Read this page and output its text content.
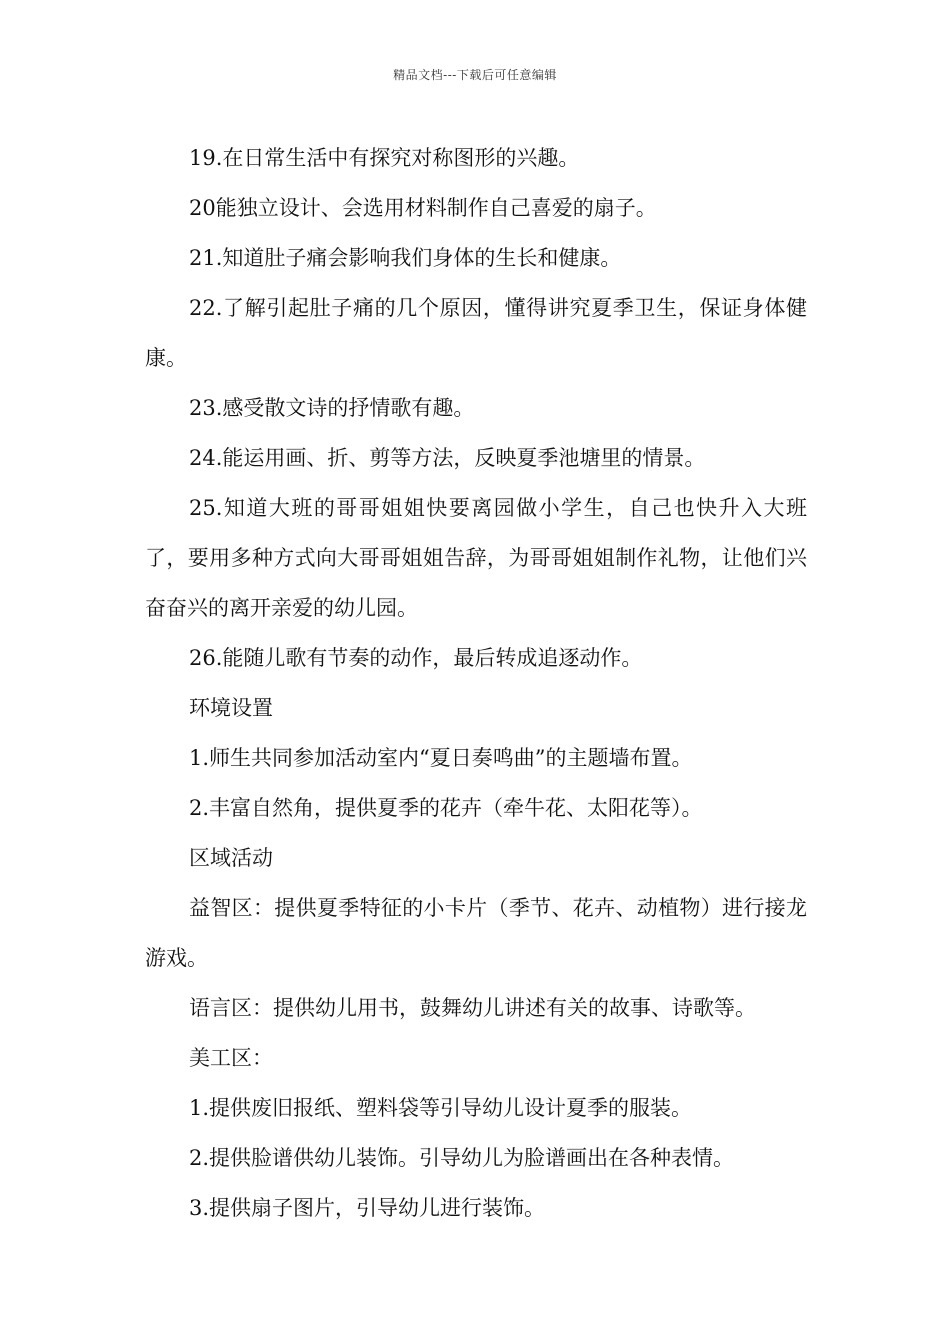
精品文档---下载后可任意编辑

19.在日常生活中有探究对称图形的兴趣。

20能独立设计、会选用材料制作自己喜爱的扇子。

21.知道肚子痛会影响我们身体的生长和健康。

22.了解引起肚子痛的几个原因，懂得讲究夏季卫生，保证身体健康。

23.感受散文诗的抒情歌有趣。

24.能运用画、折、剪等方法，反映夏季池塘里的情景。

25.知道大班的哥哥姐姐快要离园做小学生，自己也快升入大班了，要用多种方式向大哥哥姐姐告辞，为哥哥姐姐制作礼物，让他们兴奋奋兴的离开亲爱的幼儿园。

26.能随儿歌有节奏的动作，最后转成追逐动作。

环境设置

1.师生共同参加活动室内“夏日奏鸣曲”的主题墙布置。

2.丰富自然角，提供夏季的花卉（牵牛花、太阳花等）。

区域活动

益智区：提供夏季特征的小卡片（季节、花卉、动植物）进行接龙游戏。

语言区：提供幼儿用书，鼓舞幼儿讲述有关的故事、诗歌等。

美工区：

1.提供废旧报纸、塑料袋等引导幼儿设计夏季的服装。

2.提供脸谱供幼儿装饰。引导幼儿为脸谱画出在各种表情。

3.提供扇子图片，引导幼儿进行装饰。
